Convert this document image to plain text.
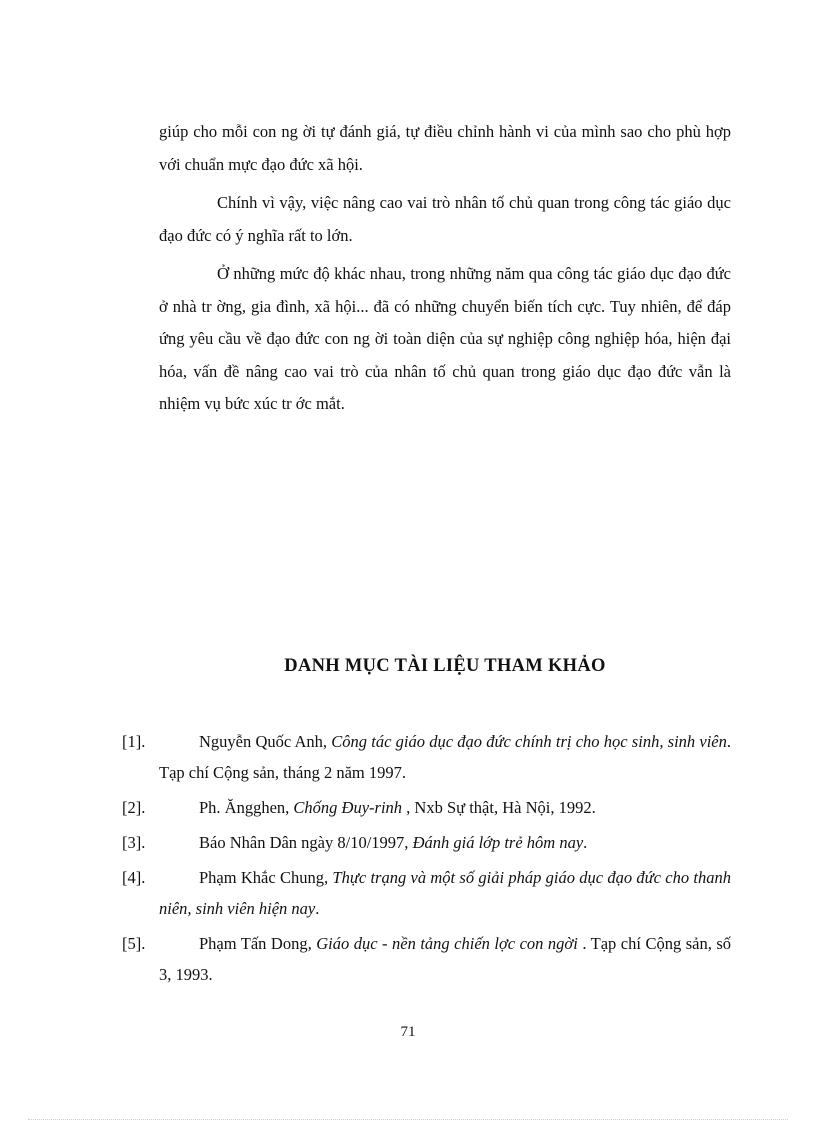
giúp cho mỗi con ng ời tự đánh giá, tự điều chỉnh hành vi của mình sao cho phù hợp với chuẩn mực đạo đức xã hội.

Chính vì vậy, việc nâng cao vai trò nhân tố chủ quan trong công tác giáo dục đạo đức có ý nghĩa rất to lớn.

Ở những mức độ khác nhau, trong những năm qua công tác giáo dục đạo đức ở nhà tr ờng, gia đình, xã hội... đã có những chuyển biến tích cực. Tuy nhiên, để đáp ứng yêu cầu về đạo đức con ng ời toàn diện của sự nghiệp công nghiệp hóa, hiện đại hóa, vấn đề nâng cao vai trò của nhân tố chủ quan trong giáo dục đạo đức vẫn là nhiệm vụ bức xúc tr ớc mắt.

DANH MỤC TÀI LIỆU THAM KHẢO
[1].	Nguyễn Quốc Anh, Công tác giáo dục đạo đức chính trị cho học sinh, sinh viên. Tạp chí Cộng sản, tháng 2 năm 1997.
[2].	Ph. Ăngghen, Chống Đuy-rinh , Nxb Sự thật, Hà Nội, 1992.
[3].	Báo Nhân Dân ngày 8/10/1997, Đánh giá lớp trẻ hôm nay.
[4].	Phạm Khắc Chung, Thực trạng và một số giải pháp giáo dục đạo đức cho thanh niên, sinh viên hiện nay.
[5].	Phạm Tấn Dong, Giáo dục - nền tảng chiến lợc con ngời . Tạp chí Cộng sản, số 3, 1993.
71
